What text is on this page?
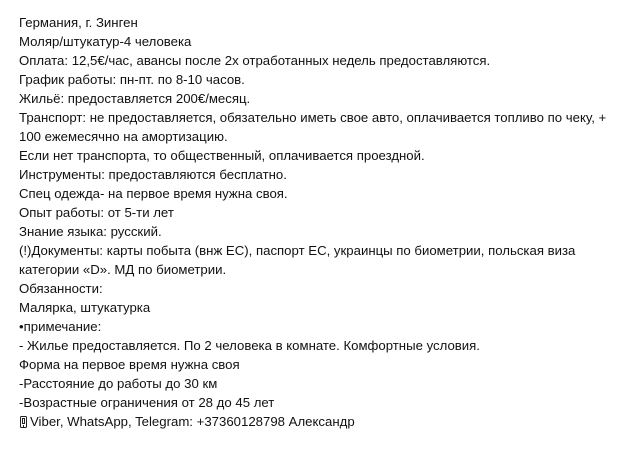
Германия, г. Зинген

Моляр/штукатур-4 человека

Оплата: 12,5€/час, авансы после 2х отработанных недель предоставляются.

График работы: пн-пт. по 8-10 часов.

Жильё: предоставляется 200€/месяц.

Транспорт: не предоставляется, обязательно иметь свое авто, оплачивается топливо по чеку, + 100 ежемесячно на амортизацию.

Если нет транспорта, то общественный, оплачивается проездной.

Инструменты: предоставляются бесплатно.

Спец одежда- на первое время нужна своя.

Опыт работы: от 5-ти лет

Знание языка: русский.

(!)Документы: карты побыта (внж ЕС), паспорт ЕС, украинцы по биометрии, польская виза категории «D». МД по биометрии.

Обязанности:

Малярка, штукатурка

•примечание:

- Жилье предоставляется. По 2 человека в комнате. Комфортные условия.

Форма на первое время нужна своя

-Расстояние до работы до 30 км

-Возрастные ограничения от 28 до 45 лет

Viber, WhatsApp, Telegram: +37360128798 Александр
